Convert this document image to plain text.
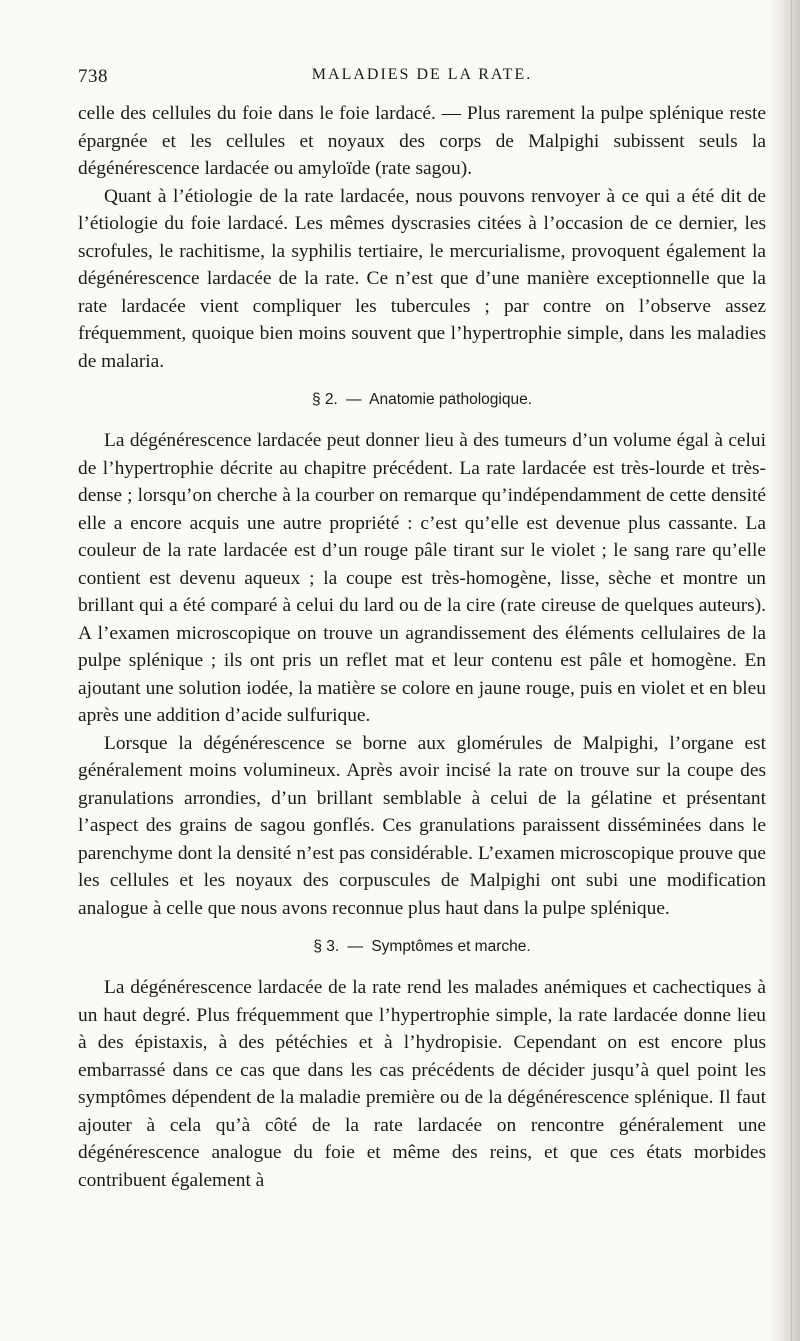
738	MALADIES DE LA RATE.

celle des cellules du foie dans le foie lardacé. — Plus rarement la pulpe splénique reste épargnée et les cellules et noyaux des corps de Malpighi subissent seuls la dégénérescence lardacée ou amyloïde (rate sagou).

Quant à l’étiologie de la rate lardacée, nous pouvons renvoyer à ce qui a été dit de l’étiologie du foie lardacé. Les mêmes dyscrasies citées à l’occasion de ce dernier, les scrofules, le rachitisme, la syphilis tertiaire, le mercurialisme, provoquent également la dégénérescence lardacée de la rate. Ce n’est que d’une manière exceptionnelle que la rate lardacée vient compliquer les tubercules ; par contre on l’observe assez fréquemment, quoique bien moins souvent que l’hypertrophie simple, dans les maladies de malaria.

§ 2. — Anatomie pathologique.

La dégénérescence lardacée peut donner lieu à des tumeurs d’un volume égal à celui de l’hypertrophie décrite au chapitre précédent. La rate lardacée est très-lourde et très-dense ; lorsqu’on cherche à la courber on remarque qu’indépendamment de cette densité elle a encore acquis une autre propriété : c’est qu’elle est devenue plus cassante. La couleur de la rate lardacée est d’un rouge pâle tirant sur le violet ; le sang rare qu’elle contient est devenu aqueux ; la coupe est très-homogène, lisse, sèche et montre un brillant qui a été comparé à celui du lard ou de la cire (rate cireuse de quelques auteurs). A l’examen microscopique on trouve un agrandissement des éléments cellulaires de la pulpe splénique ; ils ont pris un reflet mat et leur contenu est pâle et homogène. En ajoutant une solution iodée, la matière se colore en jaune rouge, puis en violet et en bleu après une addition d’acide sulfurique.

Lorsque la dégénérescence se borne aux glomérules de Malpighi, l’organe est généralement moins volumineux. Après avoir incisé la rate on trouve sur la coupe des granulations arrondies, d’un brillant semblable à celui de la gélatine et présentant l’aspect des grains de sagou gonflés. Ces granulations paraissent disséminées dans le parenchyme dont la densité n’est pas considérable. L’examen microscopique prouve que les cellules et les noyaux des corpuscules de Malpighi ont subi une modification analogue à celle que nous avons reconnue plus haut dans la pulpe splénique.

§ 3. — Symptômes et marche.

La dégénérescence lardacée de la rate rend les malades anémiques et cachectiques à un haut degré. Plus fréquemment que l’hypertrophie simple, la rate lardacée donne lieu à des épistaxis, à des pétéchies et à l’hydropisie. Cependant on est encore plus embarrassé dans ce cas que dans les cas précédents de décider jusqu’à quel point les symptômes dépendent de la maladie première ou de la dégénérescence splénique. Il faut ajouter à cela qu’à côté de la rate lardacée on rencontre généralement une dégénérescence analogue du foie et même des reins, et que ces états morbides contribuent également à
